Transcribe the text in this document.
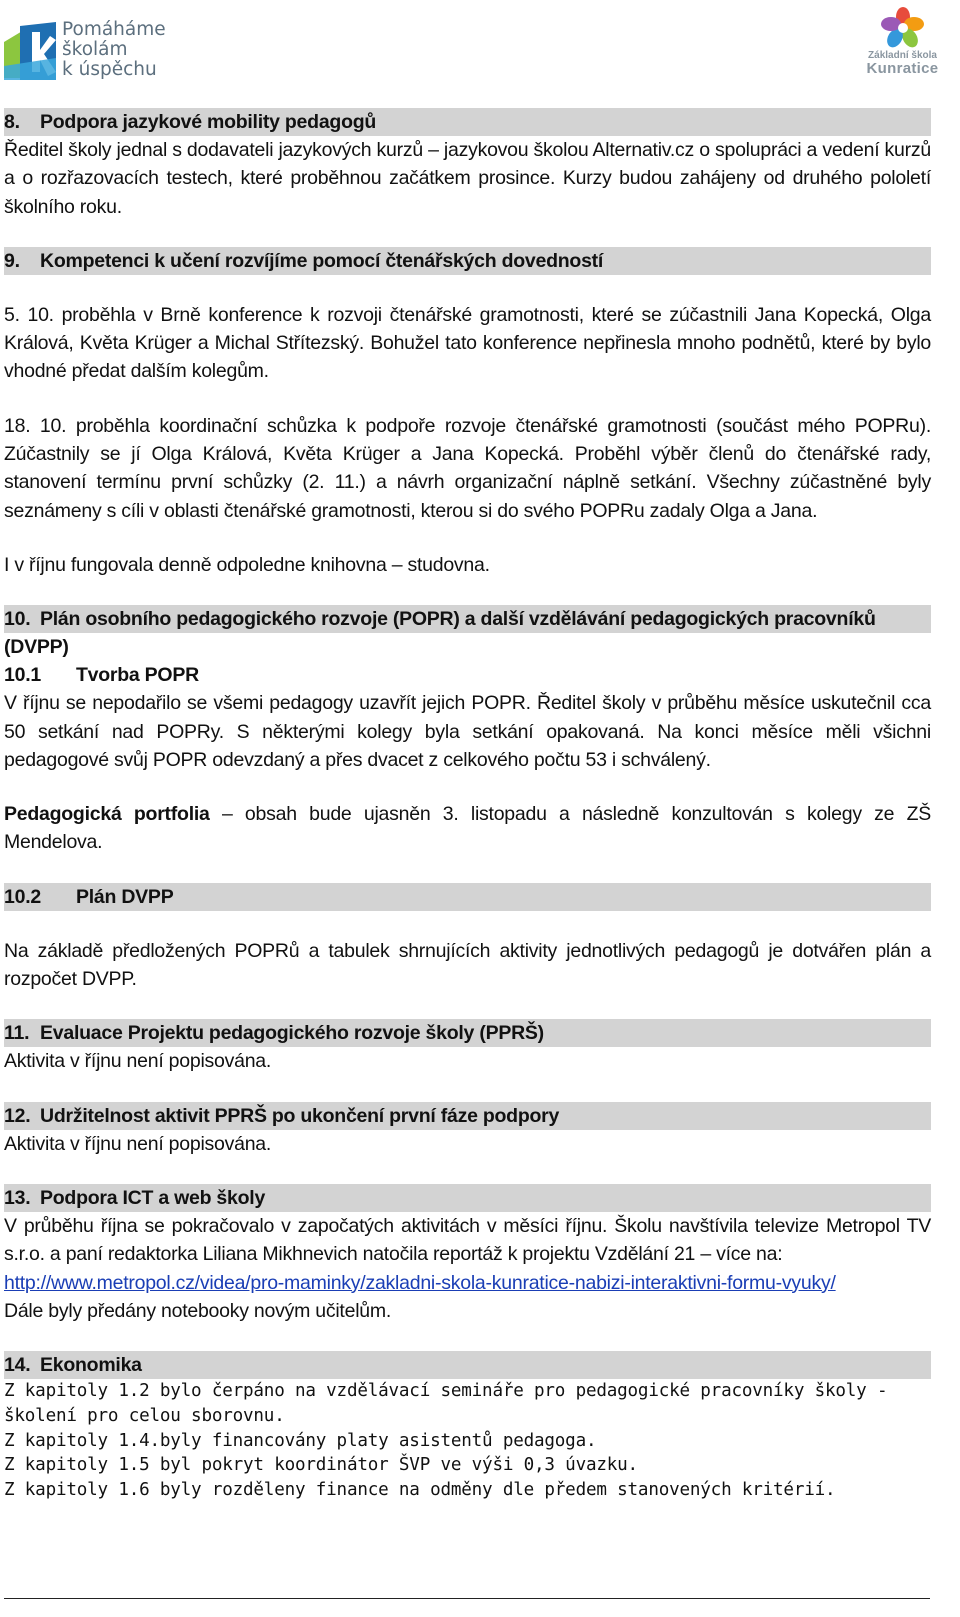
Pomáháme
školám
k úspěchu
Základní škola
Kunratice
8. Podpora jazykové mobility pedagogů

Ředitel školy jednal s dodavateli jazykových kurzů – jazykovou školou Alternativ.cz o spolupráci a vedení kurzů a o rozřazovacích testech, které proběhnou začátkem prosince. Kurzy budou zahájeny od druhého pololetí školního roku.

9. Kompetenci k učení rozvíjíme pomocí čtenářských dovedností

5. 10. proběhla v Brně konference k rozvoji čtenářské gramotnosti, které se zúčastnili Jana Kopecká, Olga Králová, Květa Krüger a Michal Střítezský. Bohužel tato konference nepřinesla mnoho podnětů, které by bylo vhodné předat dalším kolegům.

18. 10. proběhla koordinační schůzka k podpoře rozvoje čtenářské gramotnosti (součást mého POPRu). Zúčastnily se jí Olga Králová, Květa Krüger a Jana Kopecká. Proběhl výběr členů do čtenářské rady, stanovení termínu první schůzky (2. 11.) a návrh organizační náplně setkání. Všechny zúčastněné byly seznámeny s cíli v oblasti čtenářské gramotnosti, kterou si do svého POPRu zadaly Olga a Jana.

I v říjnu fungovala denně odpoledne knihovna – studovna.

10. Plán osobního pedagogického rozvoje (POPR) a další vzdělávání pedagogických pracovníků
(DVPP)
10.1 Tvorba POPR

V říjnu se nepodařilo se všemi pedagogy uzavřít jejich POPR. Ředitel školy v průběhu měsíce uskutečnil cca 50 setkání nad POPRy. S některými kolegy byla setkání opakovaná. Na konci měsíce měli všichni pedagogové svůj POPR odevzdaný a přes dvacet z celkového počtu 53 i schválený.

Pedagogická portfolia – obsah bude ujasněn 3. listopadu a následně konzultován s kolegy ze ZŠ Mendelova.

10.2 Plán DVPP

Na základě předložených POPRů a tabulek shrnujících aktivity jednotlivých pedagogů je dotvářen plán a rozpočet DVPP.

11. Evaluace Projektu pedagogického rozvoje školy (PPRŠ)

Aktivita v říjnu není popisována.

12. Udržitelnost aktivit PPRŠ po ukončení první fáze podpory

Aktivita v říjnu není popisována.

13. Podpora ICT a web školy

V průběhu října se pokračovalo v započatých aktivitách v měsíci říjnu. Školu navštívila televize Metropol TV s.r.o. a paní redaktorka Liliana Mikhnevich natočila reportáž k projektu Vzdělání 21 – více na:

http://www.metropol.cz/videa/pro-maminky/zakladni-skola-kunratice-nabizi-interaktivni-formu-vyuky/

Dále byly předány notebooky novým učitelům.

14. Ekonomika

Z kapitoly 1.2 bylo čerpáno na vzdělávací semináře pro pedagogické pracovníky školy -

školení pro celou sborovnu.

Z kapitoly 1.4.byly financovány platy asistentů pedagoga.

Z kapitoly 1.5 byl pokryt koordinátor ŠVP ve výši 0,3 úvazku.

Z kapitoly 1.6 byly rozděleny finance na odměny dle předem stanovených kritérií.
